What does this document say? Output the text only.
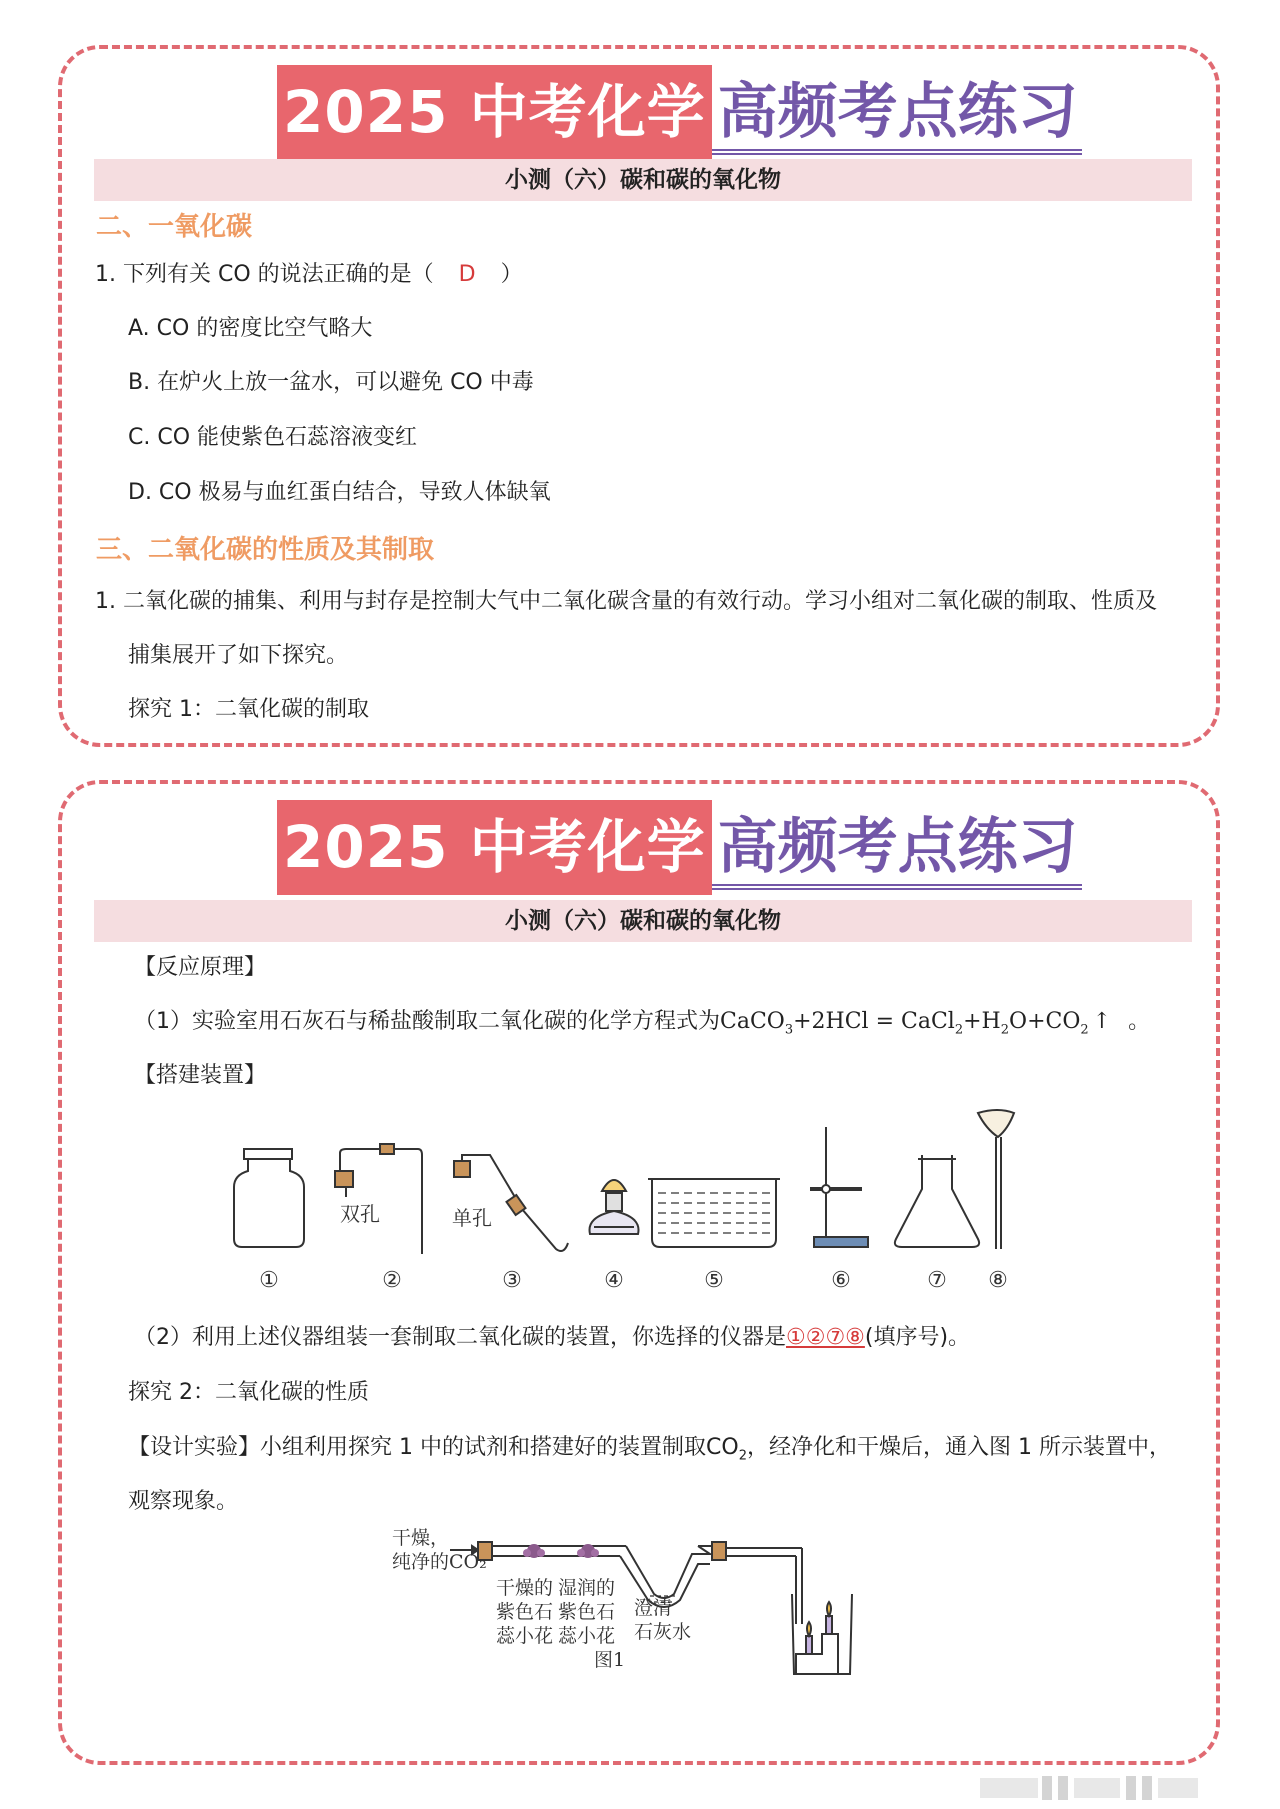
2025 中考化学 高频考点练习
小测（六）碳和碳的氧化物
二、一氧化碳
1. 下列有关 CO 的说法正确的是（ D ）
A. CO 的密度比空气略大
B. 在炉火上放一盆水，可以避免 CO 中毒
C. CO 能使紫色石蕊溶液变红
D. CO 极易与血红蛋白结合，导致人体缺氧
三、二氧化碳的性质及其制取
1. 二氧化碳的捕集、利用与封存是控制大气中二氧化碳含量的有效行动。学习小组对二氧化碳的制取、性质及
捕集展开了如下探究。
探究 1：二氧化碳的制取
2025 中考化学 高频考点练习
小测（六）碳和碳的氧化物
【反应原理】
（1）实验室用石灰石与稀盐酸制取二氧化碳的化学方程式为CaCO$_3$+2HCl = $CaCl_2+H_2O+CO_2$ ↑ 。
【搭建装置】
双孔	单孔
①	②	③	④	⑤	⑥	⑦ ⑧
（2）利用上述仪器组装一套制取二氧化碳的装置，你选择的仪器是①②⑦⑧(填序号)。
探究 2：二氧化碳的性质
【设计实验】小组利用探究 1 中的试剂和搭建好的装置制取$CO_2$，经净化和干燥后，通入图 1 所示装置中，
观察现象。
干燥，
纯净的CO₂
干燥的
紫色石
蕊小花
湿润的
紫色石
蕊小花
澄清
石灰水
图1
